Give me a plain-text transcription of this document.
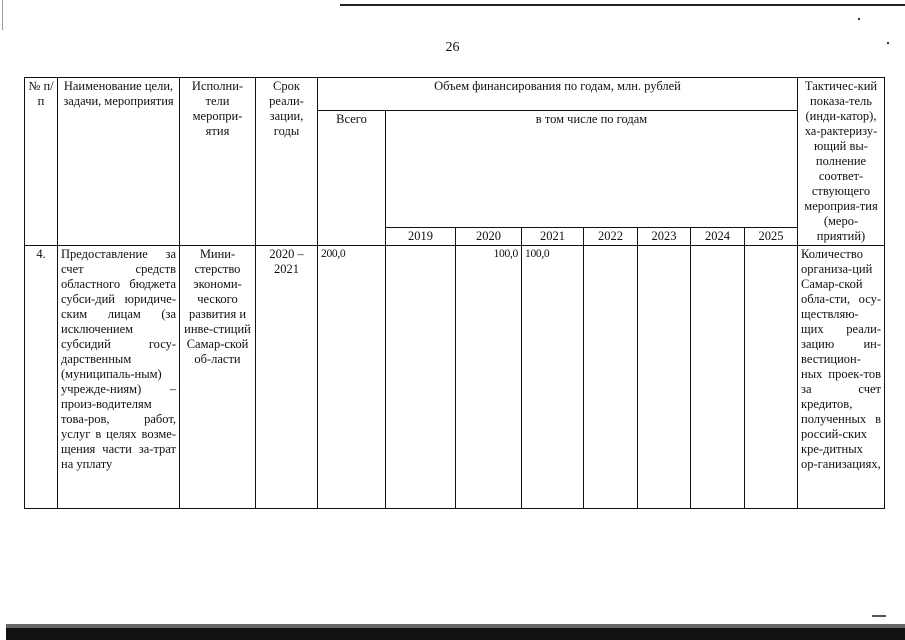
26
№ п/п	Наименование цели, задачи, мероприятия	Исполни-тели меропри-ятия	Срок реали-зации, годы	Объем финансирования по годам, млн. рублей								Тактичес-кий показа-тель (инди-катор), ха-рактеризу-ющий вы-полнение соответ-ствующего мероприя-тия (меро-приятий)
				Всего	в том числе по годам							
					2019	2020	2021	2022	2023	2024	2025	
4.	Предоставление за счет средств областного бюджета субси-дий юридиче-ским лицам (за исключением субсидий госу-дарственным (муниципаль-ным) учрежде-ниям) – произ-водителям това-ров, работ, услуг в целях возме-щения части за-трат на уплату	Мини-стерство экономи-ческого развития и инве-стиций Самар-ской об-ласти	2020 – 2021	200,0		100,0	100,0					Количество организа-ций Самар-ской обла-сти, осу-ществляю-щих реали-зацию ин-вестицион-ных проек-тов за счет кредитов, полученных в россий-ских кре-дитных ор-ганизациях,
